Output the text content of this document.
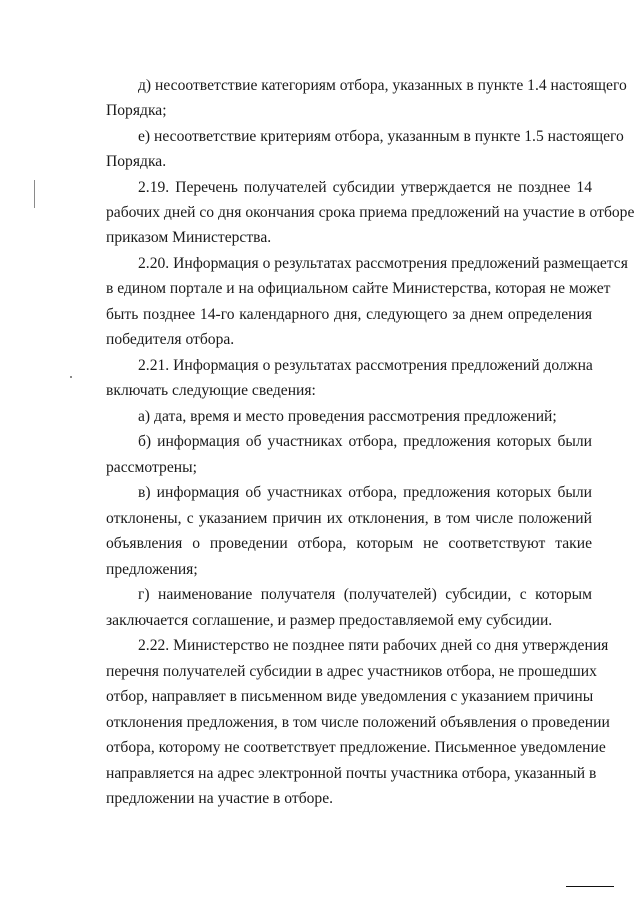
д) несоответствие категориям отбора, указанных в пункте 1.4 настоящего
Порядка;
е) несоответствие критериям отбора, указанным в пункте 1.5 настоящего
Порядка.
2.19. Перечень получателей субсидии утверждается не позднее 14
рабочих дней со дня окончания срока приема предложений на участие в отборе
приказом Министерства.
2.20. Информация о результатах рассмотрения предложений размещается
в едином портале и на официальном сайте Министерства, которая не может
быть позднее 14-го календарного дня, следующего за днем определения
победителя отбора.
2.21. Информация о результатах рассмотрения предложений должна
включать следующие сведения:
а) дата, время и место проведения рассмотрения предложений;
б) информация об участниках отбора, предложения которых были
рассмотрены;
в) информация об участниках отбора, предложения которых были
отклонены, с указанием причин их отклонения, в том числе положений
объявления о проведении отбора, которым не соответствуют такие
предложения;
г) наименование получателя (получателей) субсидии, с которым
заключается соглашение, и размер предоставляемой ему субсидии.
2.22. Министерство не позднее пяти рабочих дней со дня утверждения
перечня получателей субсидии в адрес участников отбора, не прошедших
отбор, направляет в письменном виде уведомления с указанием причины
отклонения предложения, в том числе положений объявления о проведении
отбора, которому не соответствует предложение. Письменное уведомление
направляется на адрес электронной почты участника отбора, указанный в
предложении на участие в отборе.
